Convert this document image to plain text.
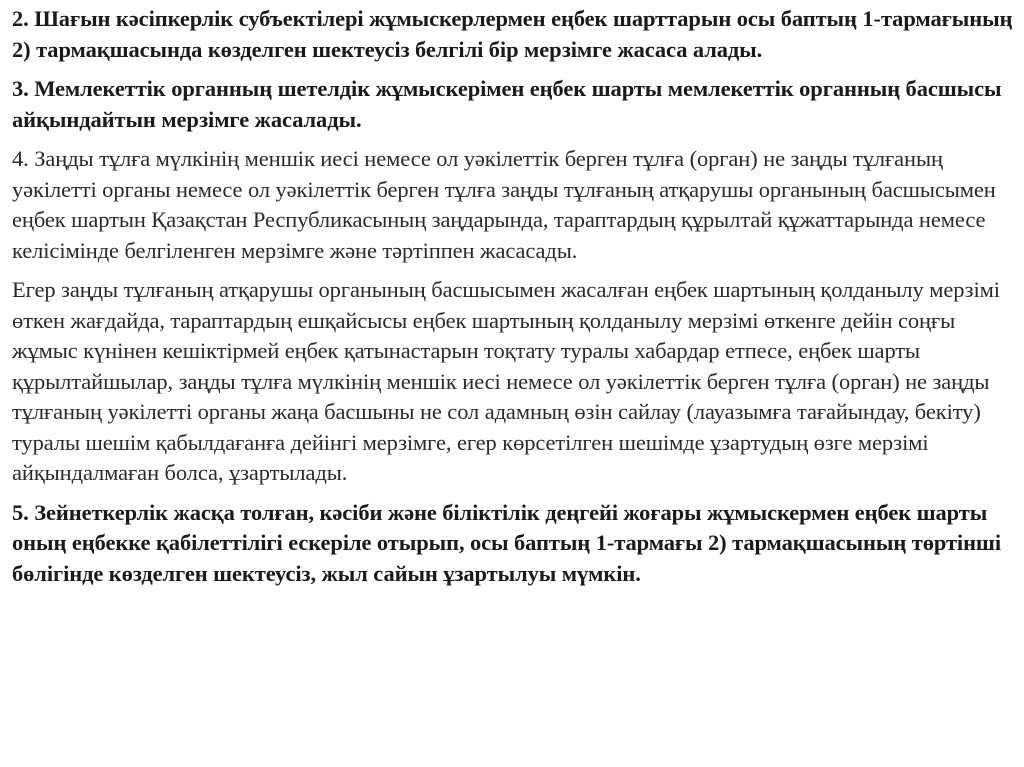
2. Шағын кәсіпкерлік субъектілері жұмыскерлермен еңбек шарттарын осы баптың 1-тармағының 2) тармақшасында көзделген шектеусіз белгілі бір мерзімге жасаса алады.

3. Мемлекеттік органның шетелдік жұмыскерімен еңбек шарты мемлекеттік органның басшысы айқындайтын мерзімге жасалады.

4. Заңды тұлға мүлкінің меншік иесі немесе ол уәкілеттік берген тұлға (орган) не заңды тұлғаның уәкілетті органы немесе ол уәкілеттік берген тұлға заңды тұлғаның атқарушы органының басшысымен еңбек шартын Қазақстан Республикасының заңдарында, тараптардың құрылтай құжаттарында немесе келісімінде белгіленген мерзімге және тәртіппен жасасады.

Егер заңды тұлғаның атқарушы органының басшысымен жасалған еңбек шартының қолданылу мерзімі өткен жағдайда, тараптардың ешқайсысы еңбек шартының қолданылу мерзімі өткенге дейін соңғы жұмыс күнінен кешіктірмей еңбек қатынастарын тоқтату туралы хабардар етпесе, еңбек шарты құрылтайшылар, заңды тұлға мүлкінің меншік иесі немесе ол уәкілеттік берген тұлға (орган) не заңды тұлғаның уәкілетті органы жаңа басшыны не сол адамның өзін сайлау (лауазымға тағайындау, бекіту) туралы шешім қабылдағанға дейінгі мерзімге, егер көрсетілген шешімде ұзартудың өзге мерзімі айқындалмаған болса, ұзартылады.

5. Зейнеткерлік жасқа толған, кәсіби және біліктілік деңгейі жоғары жұмыскермен еңбек шарты оның еңбекке қабілеттілігі ескеріле отырып, осы баптың 1-тармағы 2) тармақшасының төртінші бөлігінде көзделген шектеусіз, жыл сайын ұзартылуы мүмкін.
